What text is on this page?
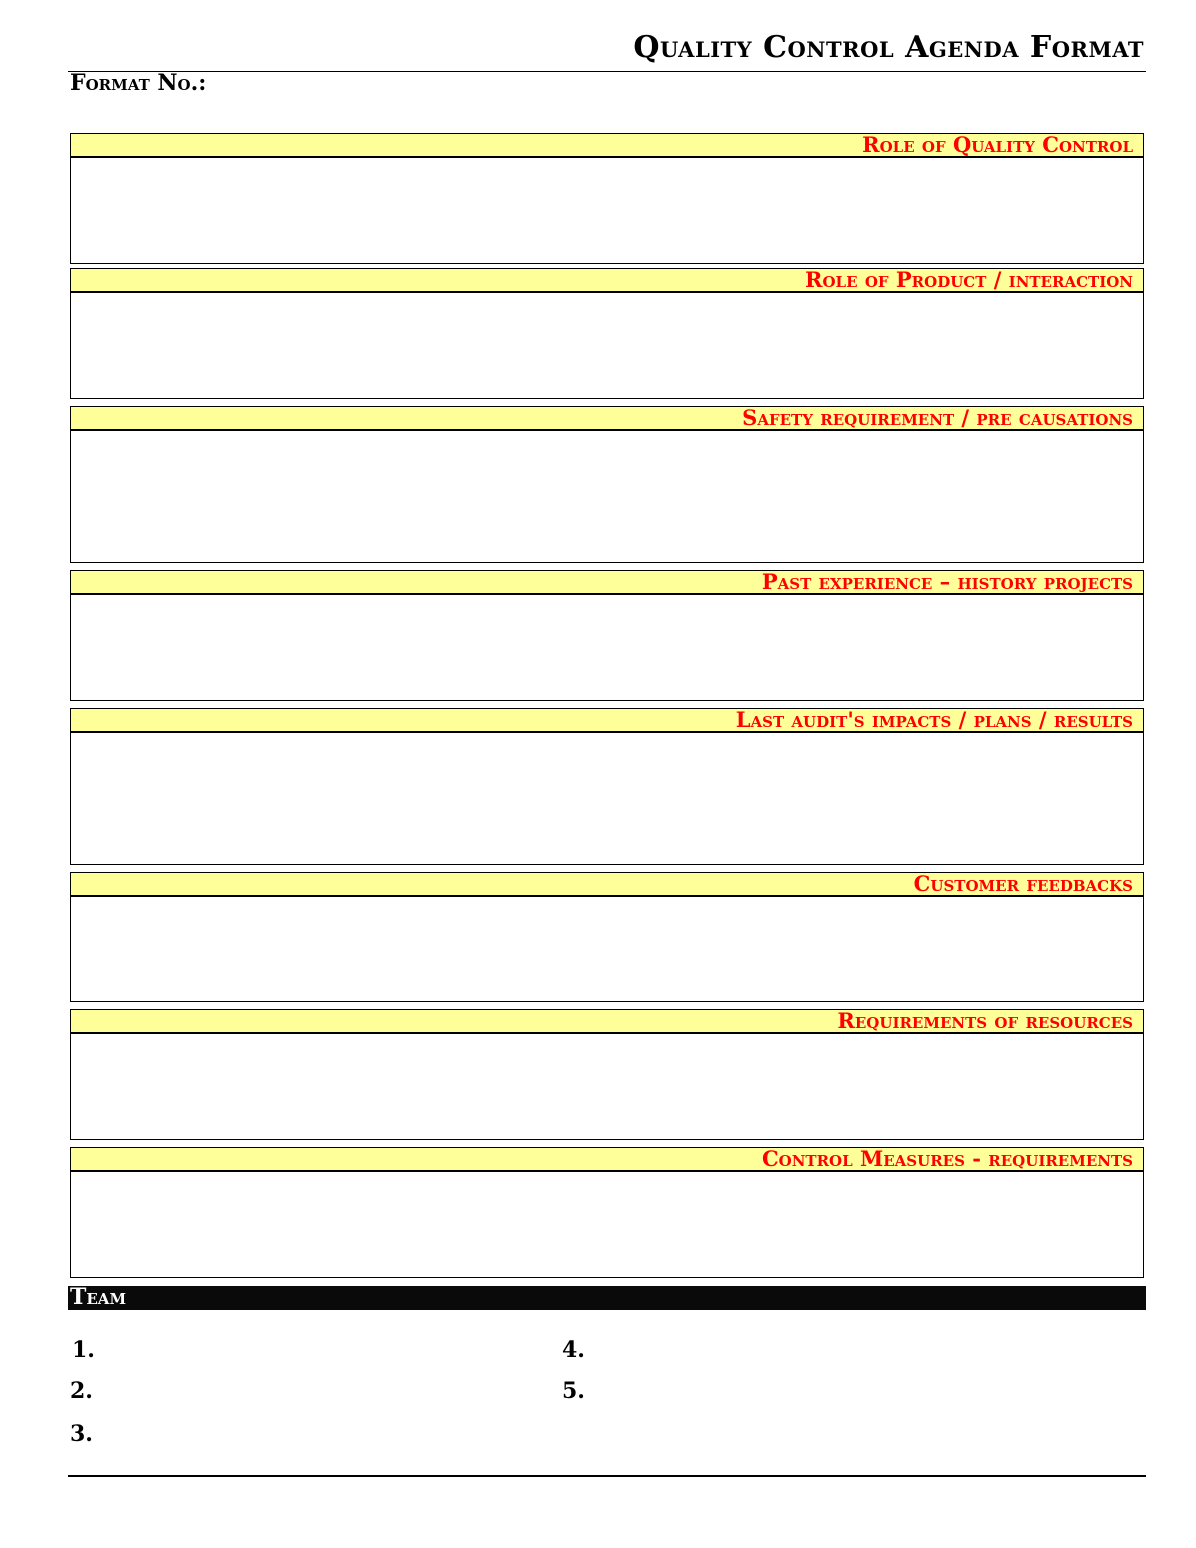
Quality Control Agenda Format
Format No.:
Role of Quality Control
Role of Product / interaction
Safety requirement / pre causations
Past experience – history projects
Last audit's impacts / plans / results
Customer feedbacks
Requirements of resources
Control Measures - requirements
Team
1.
2.
3.
4.
5.
